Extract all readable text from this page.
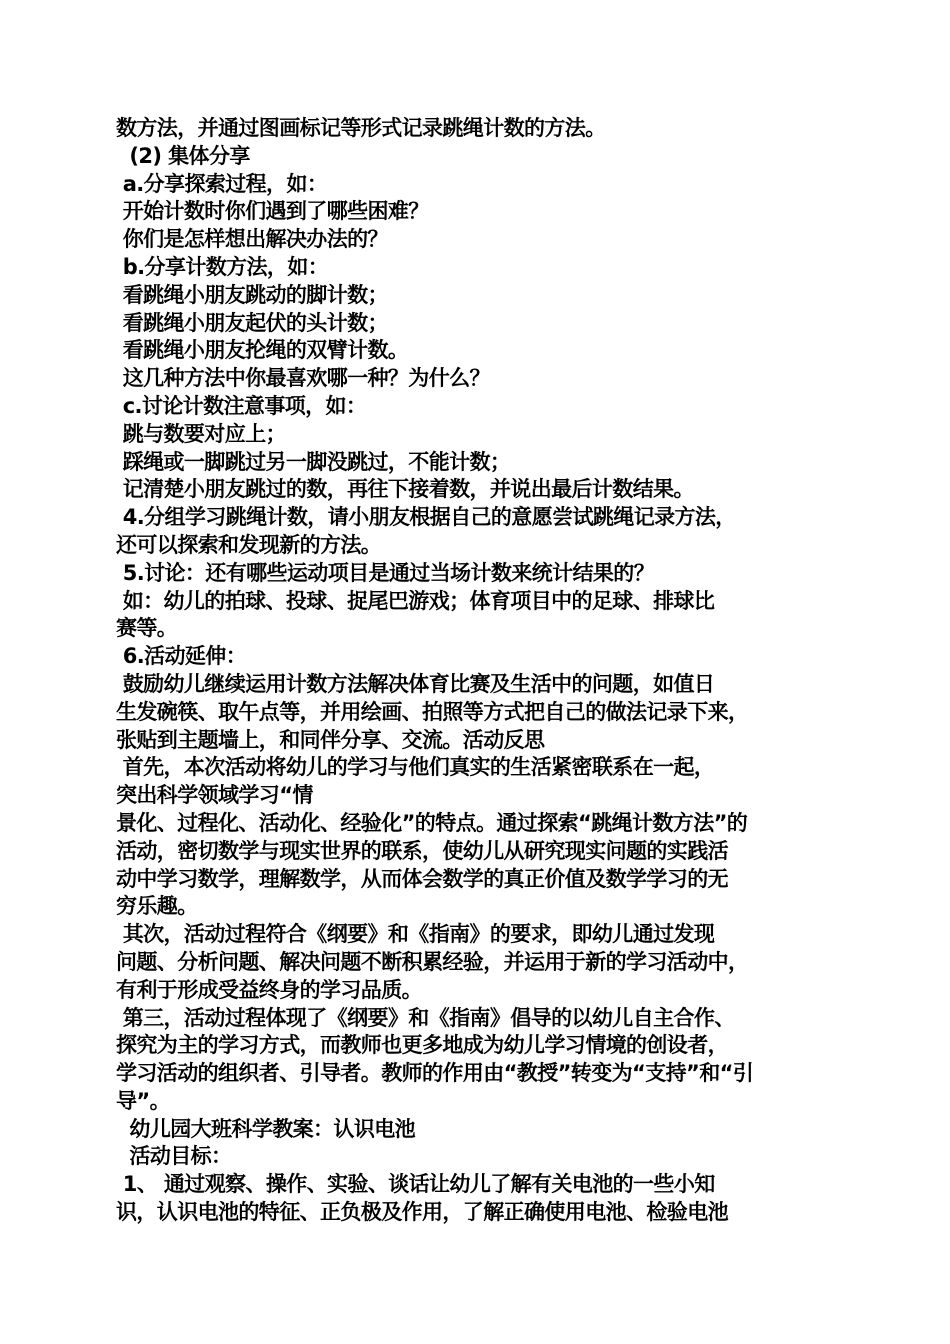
数方法，并通过图画标记等形式记录跳绳计数的方法。
(2) 集体分享
a.分享探索过程，如：
开始计数时你们遇到了哪些困难？
你们是怎样想出解决办法的？
b.分享计数方法，如：
看跳绳小朋友跳动的脚计数；
看跳绳小朋友起伏的头计数；
看跳绳小朋友抡绳的双臂计数。
这几种方法中你最喜欢哪一种？为什么？
c.讨论计数注意事项，如：
跳与数要对应上；
踩绳或一脚跳过另一脚没跳过，不能计数；
记清楚小朋友跳过的数，再往下接着数，并说出最后计数结果。
4.分组学习跳绳计数，请小朋友根据自己的意愿尝试跳绳记录方法，
还可以探索和发现新的方法。
5.讨论：还有哪些运动项目是通过当场计数来统计结果的？
如：幼儿的拍球、投球、捉尾巴游戏；体育项目中的足球、排球比
赛等。
6.活动延伸：
鼓励幼儿继续运用计数方法解决体育比赛及生活中的问题，如值日
生发碗筷、取午点等，并用绘画、拍照等方式把自己的做法记录下来，
张贴到主题墙上，和同伴分享、交流。活动反思
首先，本次活动将幼儿的学习与他们真实的生活紧密联系在一起，
突出科学领域学习“情
景化、过程化、活动化、经验化”的特点。通过探索“跳绳计数方法”的
活动，密切数学与现实世界的联系，使幼儿从研究现实问题的实践活
动中学习数学，理解数学，从而体会数学的真正价值及数学学习的无
穷乐趣。
其次，活动过程符合《纲要》和《指南》的要求，即幼儿通过发现
问题、分析问题、解决问题不断积累经验，并运用于新的学习活动中，
有利于形成受益终身的学习品质。
第三，活动过程体现了《纲要》和《指南》倡导的以幼儿自主合作、
探究为主的学习方式，而教师也更多地成为幼儿学习情境的创设者，
学习活动的组织者、引导者。教师的作用由“教授”转变为“支持”和“引
导”。
幼儿园大班科学教案：认识电池
活动目标：
1、 通过观察、操作、实验、谈话让幼儿了解有关电池的一些小知
识，认识电池的特征、正负极及作用，了解正确使用电池、检验电池
